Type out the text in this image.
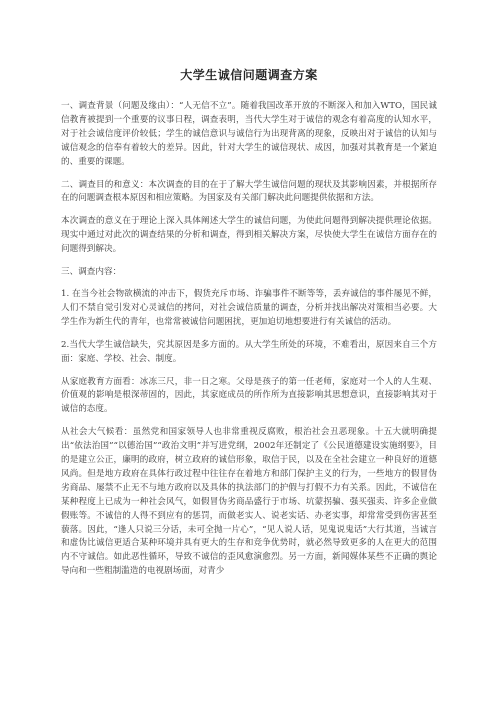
大学生诚信问题调查方案

一、调查背景（问题及缘由）：“人无信不立”。随着我国改革开放的不断深入和加入WTO，国民诚信教育被提到一个重要的议事日程，调查表明，当代大学生对于诚信的观念有着高度的认知水平，对于社会诚信度评价较低；学生的诚信意识与诚信行为出现背离的现象，反映出对于诚信的认知与诚信观念的信奉有着较大的差异。因此，针对大学生的诚信现状、成因，加强对其教育是一个紧迫的、重要的课题。

二、调查目的和意义：本次调查的目的在于了解大学生诚信问题的现状及其影响因素，并根据所存在的问题调查根本原因和相应策略。为国家及有关部门解决此问题提供依据和方法。

本次调查的意义在于理论上深入具体阐述大学生的诚信问题，为使此问题得到解决提供理论依据。现实中通过对此次的调查结果的分析和调查，得到相关解决方案，尽快使大学生在诚信方面存在的问题得到解决。

三、调查内容：

1. 在当今社会物欲横流的冲击下，假货充斥市场、诈骗事件不断等等，丢弃诚信的事件屡见不鲜，人们不禁自觉引发对心灵诚信的拷问，对社会诚信质量的调查，分析并找出解决对策相当必要。大学生作为新生代的青年，也常常被诚信问题困扰，更加迫切地想要进行有关诚信的活动。

2.当代大学生诚信缺失，究其原因是多方面的。从大学生所处的环境，不难看出，原因来自三个方面：家庭、学校、社会、制度。

从家庭教育方面看：冰冻三尺，非一日之寒。父母是孩子的第一任老师，家庭对一个人的人生观、价值观的影响是根深蒂固的，因此，其家庭成员的所作所为直接影响其思想意识，直接影响其对于诚信的态度。

从社会大气候看：虽然党和国家领导人也非常重视反腐败，根治社会丑恶现象。十五大就明确提出“依法治国”“以德治国”“政治文明”并写进党纲，2002年还制定了《公民道德建设实施纲要》，目的是建立公正，廉明的政府，树立政府的诚信形象，取信于民，以及在全社会建立一种良好的道德风尚。但是地方政府在具体行政过程中往往存在着地方和部门保护主义的行为，一些地方的假冒伪劣商品、屡禁不止无不与地方政府以及具体的执法部门的护假与打假不力有关系。因此，不诚信在某种程度上已成为一种社会风气，如假冒伪劣商品盛行于市场、坑蒙拐骗、强买强卖、许多企业做假账等。不诚信的人得不到应有的惩罚，而做老实人、说老实话、办老实事，却常常受到伤害甚至藐落。因此，“逢人只说三分话，未可全抛一片心”，“见人说人话，见鬼说鬼话”大行其道，当诚言和虚伪比诚信更适合某种环境并具有更大的生存和竞争优势时，就必然导致更多的人在更大的范围内不守诚信。如此恶性循环，导致不诚信的歪风愈演愈烈。另一方面，新闻媒体某些不正确的舆论导向和一些粗制滥造的电视剧场面，对青少
